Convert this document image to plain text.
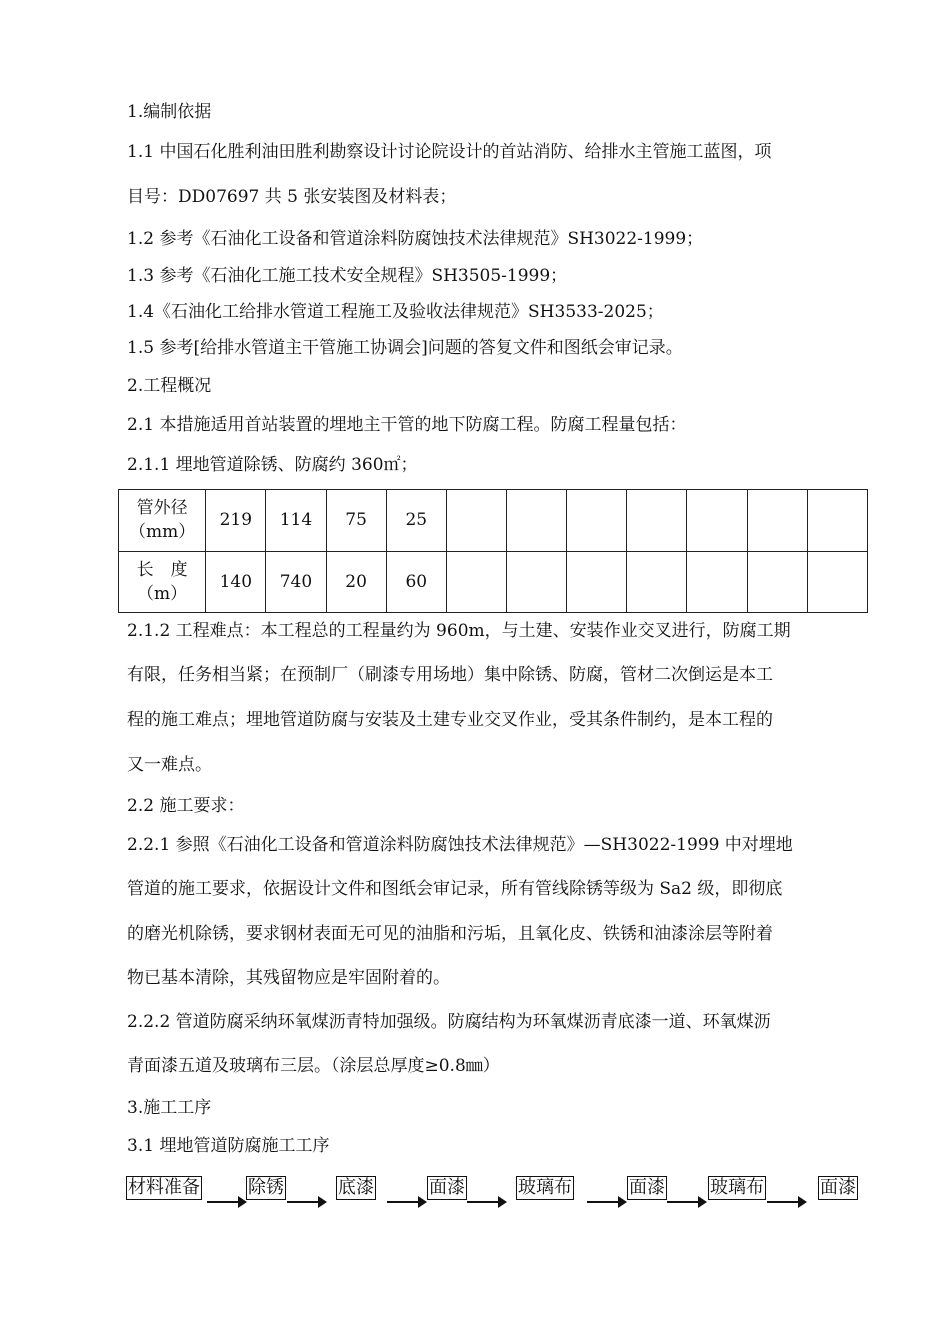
1.编制依据
1.1 中国石化胜利油田胜利勘察设计讨论院设计的首站消防、给排水主管施工蓝图，项
目号：DD07697 共 5 张安装图及材料表；
1.2 参考《石油化工设备和管道涂料防腐蚀技术法律规范》SH3022-1999；
1.3 参考《石油化工施工技术安全规程》SH3505-1999；
1.4《石油化工给排水管道工程施工及验收法律规范》SH3533-2025；
1.5 参考[给排水管道主干管施工协调会]问题的答复文件和图纸会审记录。
2.工程概况
2.1 本措施适用首站装置的埋地主干管的地下防腐工程。防腐工程量包括：
2.1.1 埋地管道除锈、防腐约 360㎡；
管外径
（mm）	219	114	75	25							

长　度
（m）	140	740	20	60							
2.1.2 工程难点：本工程总的工程量约为 960m，与土建、安装作业交叉进行，防腐工期
有限，任务相当紧；在预制厂（刷漆专用场地）集中除锈、防腐，管材二次倒运是本工
程的施工难点；埋地管道防腐与安装及土建专业交叉作业，受其条件制约，是本工程的
又一难点。
2.2 施工要求：
2.2.1 参照《石油化工设备和管道涂料防腐蚀技术法律规范》—SH3022-1999 中对埋地
管道的施工要求，依据设计文件和图纸会审记录，所有管线除锈等级为 Sa2 级，即彻底
的磨光机除锈，要求钢材表面无可见的油脂和污垢，且氧化皮、铁锈和油漆涂层等附着
物已基本清除，其残留物应是牢固附着的。
2.2.2 管道防腐采纳环氧煤沥青特加强级。防腐结构为环氧煤沥青底漆一道、环氧煤沥
青面漆五道及玻璃布三层。（涂层总厚度≥0.8㎜）
3.施工工序
3.1 埋地管道防腐施工工序
材料准备	除锈	底漆	面漆	玻璃布	面漆	玻璃布	面漆
